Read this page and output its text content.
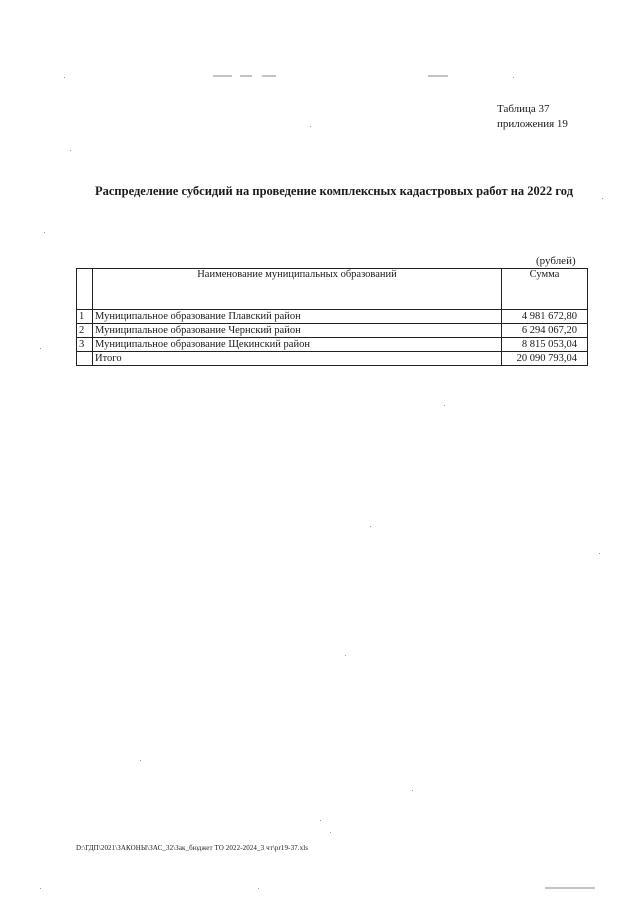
Таблица 37
приложения 19
Распределение субсидий на проведение комплексных кадастровых работ на 2022 год
(рублей)
	Наименование муниципальных образований	Сумма
1	Муниципальное образование Плавский район	4 981 672,80
2	Муниципальное образование Чернский район	6 294 067,20
3	Муниципальное образование Щекинский район	8 815 053,04
	Итого	20 090 793,04
D:\ГДП\2021\ЗАКОНЫ\ЗАС_32\Зак_бюджет ТО 2022-2024_3 чт\pr19-37.xls
